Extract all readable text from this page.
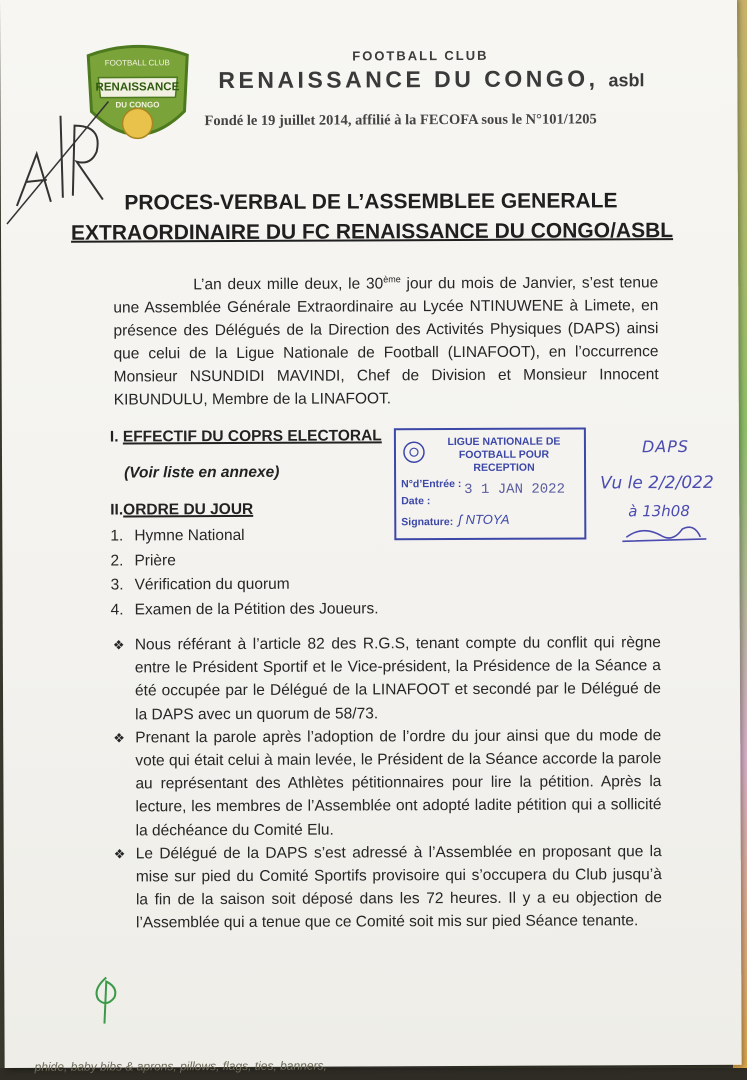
FOOTBALL CLUB
RENAISSANCE
DU CONGO
FOOTBALL CLUB
RENAISSANCE DU CONGO, asbl
Fondé le 19 juillet 2014, affilié à la FECOFA sous le N°101/1205
PROCES-VERBAL DE L’ASSEMBLEE GENERALE
EXTRAORDINAIRE DU FC RENAISSANCE DU CONGO/ASBL
L’an deux mille deux, le 30ème jour du mois de Janvier, s’est tenue une Assemblée Générale Extraordinaire au Lycée NTINUWENE à Limete, en présence des Délégués de la Direction des Activités Physiques (DAPS) ainsi que celui de la Ligue Nationale de Football (LINAFOOT), en l’occurrence Monsieur NSUNDIDI MAVINDI, Chef de Division et Monsieur Innocent KIBUNDULU, Membre de la LINAFOOT.
I. EFFECTIF DU COPRS ELECTORAL
(Voir liste en annexe)
II.ORDRE DU JOUR
1. Hymne National
2. Prière
3. Vérification du quorum
4. Examen de la Pétition des Joueurs.
❖ Nous référant à l’article 82 des R.G.S, tenant compte du conflit qui règne entre le Président Sportif et le Vice-président, la Présidence de la Séance a été occupée par le Délégué de la LINAFOOT et secondé par le Délégué de la DAPS avec un quorum de 58/73.
❖ Prenant la parole après l’adoption de l’ordre du jour ainsi que du mode de vote qui était celui à main levée, le Président de la Séance accorde la parole au représentant des Athlètes pétitionnaires pour lire la pétition. Après la lecture, les membres de l’Assemblée ont adopté ladite pétition qui a sollicité la déchéance du Comité Elu.
❖ Le Délégué de la DAPS s’est adressé à l’Assemblée en proposant que la mise sur pied du Comité Sportifs provisoire qui s’occupera du Club jusqu’à la fin de la saison soit déposé dans les 72 heures. Il y a eu objection de l’Assemblée qui a tenue que ce Comité soit mis sur pied Séance tenante.
LIGUE NATIONALE DE FOOTBALL POUR RECEPTION
N°d’Entrée : 3 1 JAN 2022
Date :
Signature: ʃ NTOYA
DAPS
Vu le 2/2/022
à 13h08
phide, baby bibs & aprons, pillows, flags, ties, banners,
